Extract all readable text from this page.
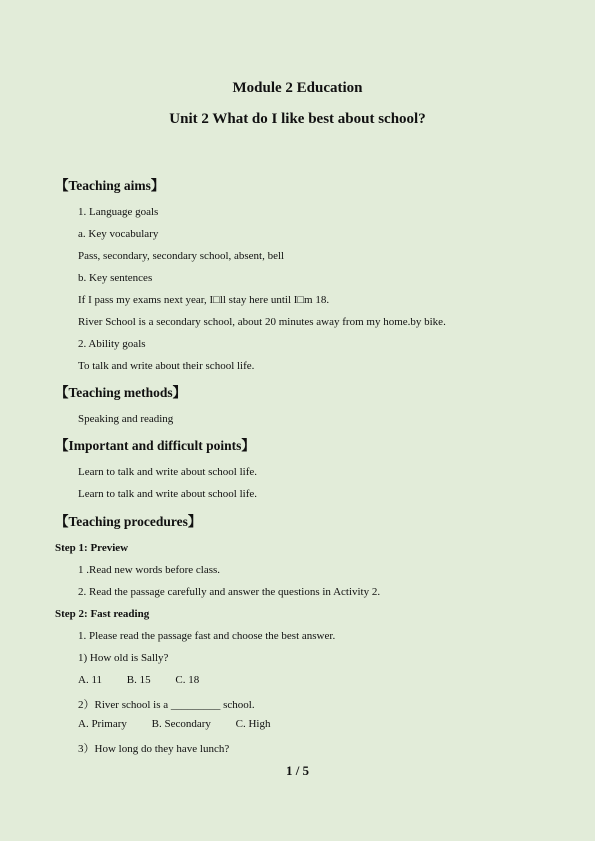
Module 2 Education
Unit 2 What do I like best about school?
【Teaching aims】
1. Language goals
a. Key vocabulary
Pass, secondary, secondary school, absent, bell
b. Key sentences
If I pass my exams next year, I□ll stay here until I□m 18.
River School is a secondary school, about 20 minutes away from my home.by bike.
2. Ability goals
To talk and write about their school life.
【Teaching methods】
Speaking and reading
【Important and difficult points】
Learn to talk and write about school life.
Learn to talk and write about school life.
【Teaching procedures】
Step 1: Preview
1 .Read new words before class.
2. Read the passage carefully and answer the questions in Activity 2.
Step 2: Fast reading
1. Please read the passage fast and choose the best answer.
1) How old is Sally?
A. 11 B. 15 C. 18
2）River school is a _________ school.
A. Primary B. Secondary C. High
3）How long do they have lunch?
1 / 5
